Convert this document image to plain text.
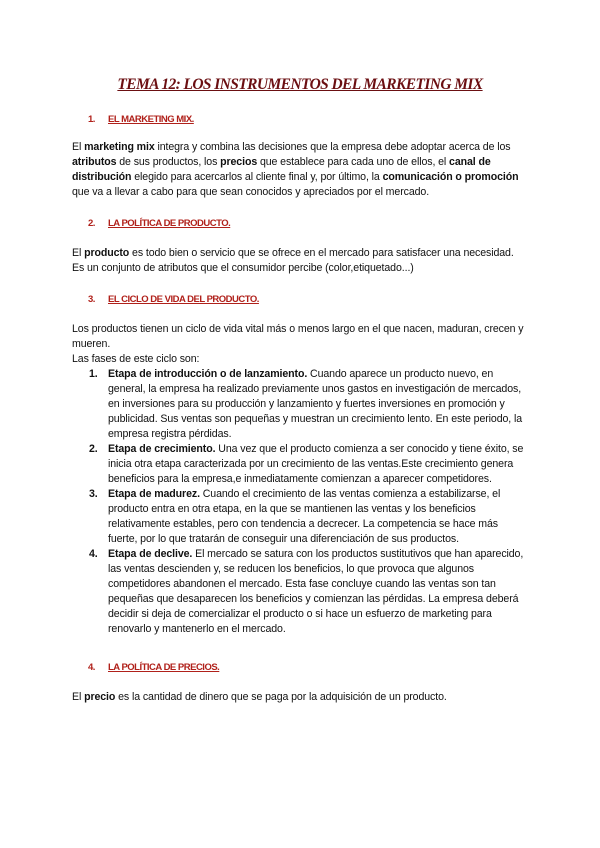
TEMA 12: LOS INSTRUMENTOS DEL MARKETING MIX
1. EL MARKETING MIX.

El marketing mix integra y combina las decisiones que la empresa debe adoptar acerca de los atributos de sus productos, los precios que establece para cada uno de ellos, el canal de distribución elegido para acercarlos al cliente final y, por último, la comunicación o promoción que va a llevar a cabo para que sean conocidos y apreciados por el mercado.

2. LA POLÍTICA DE PRODUCTO.

El producto es todo bien o servicio que se ofrece en el mercado para satisfacer una necesidad. Es un conjunto de atributos que el consumidor percibe (color,etiquetado...)

3. EL CICLO DE VIDA DEL PRODUCTO.

Los productos tienen un ciclo de vida vital más o menos largo en el que nacen, maduran, crecen y mueren.
Las fases de este ciclo son:

1. Etapa de introducción o de lanzamiento. Cuando aparece un producto nuevo, en general, la empresa ha realizado previamente unos gastos en investigación de mercados, en inversiones para su producción y lanzamiento y fuertes inversiones en promoción y publicidad. Sus ventas son pequeñas y muestran un crecimiento lento. En este periodo, la empresa registra pérdidas.
2. Etapa de crecimiento. Una vez que el producto comienza a ser conocido y tiene éxito, se inicia otra etapa caracterizada por un crecimiento de las ventas.Este crecimiento genera beneficios para la empresa,e inmediatamente comienzan a aparecer competidores.
3. Etapa de madurez. Cuando el crecimiento de las ventas comienza a estabilizarse, el producto entra en otra etapa, en la que se mantienen las ventas y los beneficios relativamente estables, pero con tendencia a decrecer. La competencia se hace más fuerte, por lo que tratarán de conseguir una diferenciación de sus productos.
4. Etapa de declive. El mercado se satura con los productos sustitutivos que han aparecido, las ventas descienden y, se reducen los beneficios, lo que provoca que algunos competidores abandonen el mercado. Esta fase concluye cuando las ventas son tan pequeñas que desaparecen los beneficios y comienzan las pérdidas. La empresa deberá decidir si deja de comercializar el producto o si hace un esfuerzo de marketing para renovarlo y mantenerlo en el mercado.
4. LA POLÍTICA DE PRECIOS.

El precio es la cantidad de dinero que se paga por la adquisición de un producto.
